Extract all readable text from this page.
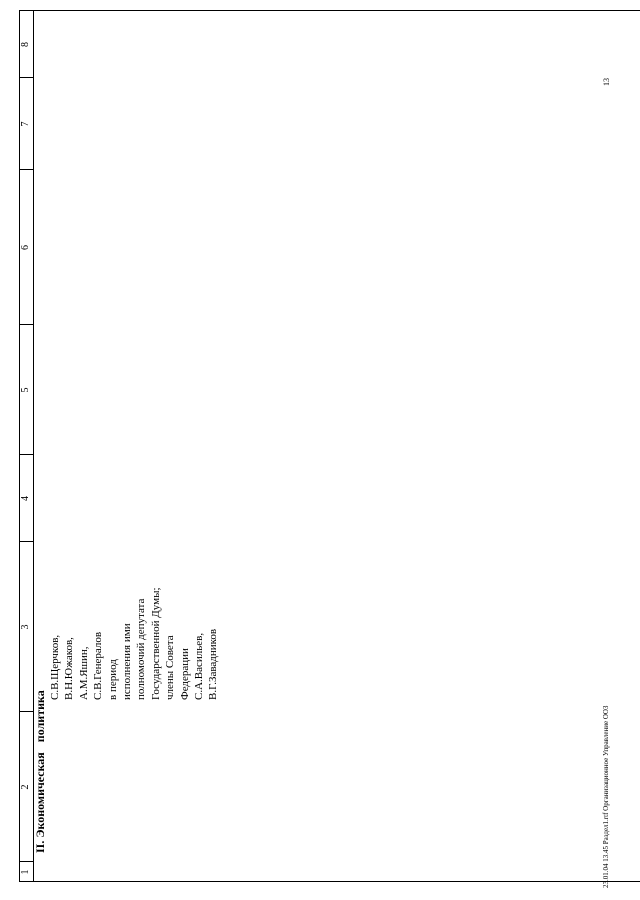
1
2
3
4
5
6
7
8
II. Экономическаяполитика
С.В.Щерчков, В.Н.Южаков, А.М.Яшин, С.В.Генералов в период исполнения ими полномочий депутата Государственной Думы; члены Совета Федерации С.А.Васильев, В.Г.Завадников
23.01.04 13.45 Раздел1.rtf Организационное Управление ООЗ
13
